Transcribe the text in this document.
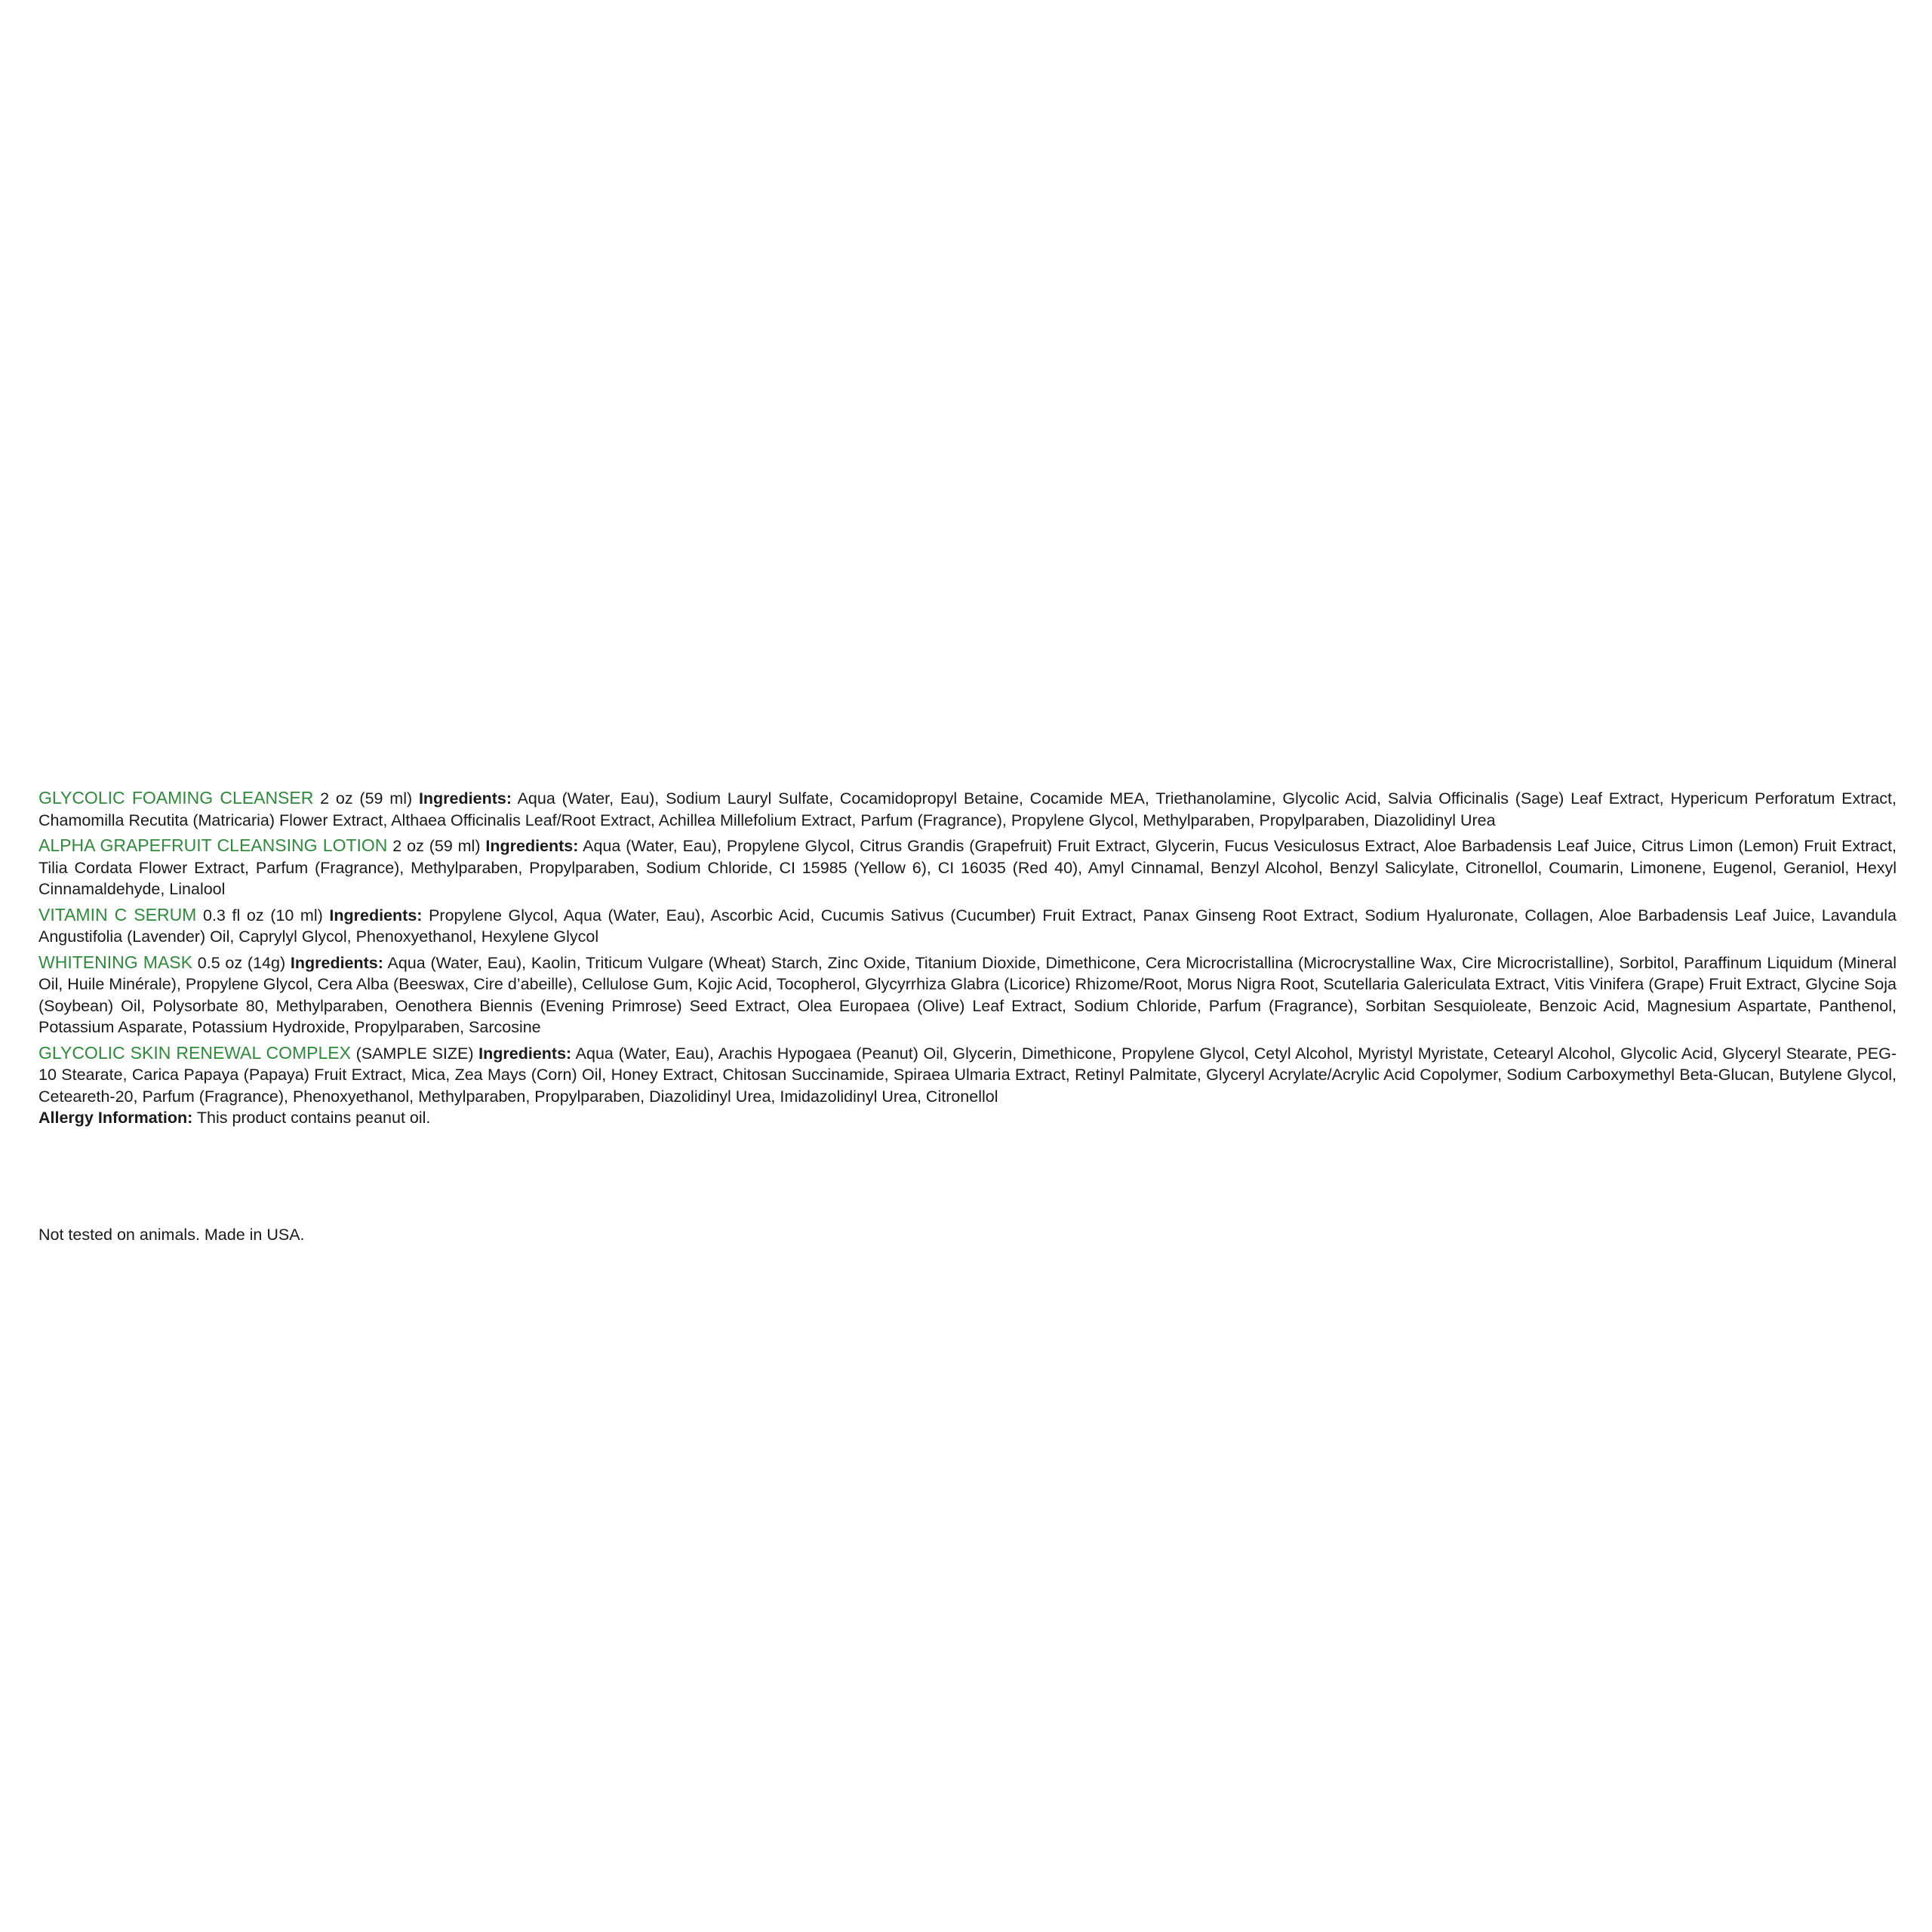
GLYCOLIC FOAMING CLEANSER 2 oz (59 ml) Ingredients: Aqua (Water, Eau), Sodium Lauryl Sulfate, Cocamidopropyl Betaine, Cocamide MEA, Triethanolamine, Glycolic Acid, Salvia Officinalis (Sage) Leaf Extract, Hypericum Perforatum Extract, Chamomilla Recutita (Matricaria) Flower Extract, Althaea Officinalis Leaf/Root Extract, Achillea Millefolium Extract, Parfum (Fragrance), Propylene Glycol, Methylparaben, Propylparaben, Diazolidinyl Urea
ALPHA GRAPEFRUIT CLEANSING LOTION 2 oz (59 ml) Ingredients: Aqua (Water, Eau), Propylene Glycol, Citrus Grandis (Grapefruit) Fruit Extract, Glycerin, Fucus Vesiculosus Extract, Aloe Barbadensis Leaf Juice, Citrus Limon (Lemon) Fruit Extract, Tilia Cordata Flower Extract, Parfum (Fragrance), Methylparaben, Propylparaben, Sodium Chloride, CI 15985 (Yellow 6), CI 16035 (Red 40), Amyl Cinnamal, Benzyl Alcohol, Benzyl Salicylate, Citronellol, Coumarin, Limonene, Eugenol, Geraniol, Hexyl Cinnamaldehyde, Linalool
VITAMIN C SERUM 0.3 fl oz (10 ml) Ingredients: Propylene Glycol, Aqua (Water, Eau), Ascorbic Acid, Cucumis Sativus (Cucumber) Fruit Extract, Panax Ginseng Root Extract, Sodium Hyaluronate, Collagen, Aloe Barbadensis Leaf Juice, Lavandula Angustifolia (Lavender) Oil, Caprylyl Glycol, Phenoxyethanol, Hexylene Glycol
WHITENING MASK 0.5 oz (14g) Ingredients: Aqua (Water, Eau), Kaolin, Triticum Vulgare (Wheat) Starch, Zinc Oxide, Titanium Dioxide, Dimethicone, Cera Microcristallina (Microcrystalline Wax, Cire Microcristalline), Sorbitol, Paraffinum Liquidum (Mineral Oil, Huile Minérale), Propylene Glycol, Cera Alba (Beeswax, Cire d’abeille), Cellulose Gum, Kojic Acid, Tocopherol, Glycyrrhiza Glabra (Licorice) Rhizome/Root, Morus Nigra Root, Scutellaria Galericulata Extract, Vitis Vinifera (Grape) Fruit Extract, Glycine Soja (Soybean) Oil, Polysorbate 80, Methylparaben, Oenothera Biennis (Evening Primrose) Seed Extract, Olea Europaea (Olive) Leaf Extract, Sodium Chloride, Parfum (Fragrance), Sorbitan Sesquioleate, Benzoic Acid, Magnesium Aspartate, Panthenol, Potassium Asparate, Potassium Hydroxide, Propylparaben, Sarcosine
GLYCOLIC SKIN RENEWAL COMPLEX (SAMPLE SIZE) Ingredients: Aqua (Water, Eau), Arachis Hypogaea (Peanut) Oil, Glycerin, Dimethicone, Propylene Glycol, Cetyl Alcohol, Myristyl Myristate, Cetearyl Alcohol, Glycolic Acid, Glyceryl Stearate, PEG-10 Stearate, Carica Papaya (Papaya) Fruit Extract, Mica, Zea Mays (Corn) Oil, Honey Extract, Chitosan Succinamide, Spiraea Ulmaria Extract, Retinyl Palmitate, Glyceryl Acrylate/Acrylic Acid Copolymer, Sodium Carboxymethyl Beta-Glucan, Butylene Glycol, Ceteareth-20, Parfum (Fragrance), Phenoxyethanol, Methylparaben, Propylparaben, Diazolidinyl Urea, Imidazolidinyl Urea, Citronellol
Allergy Information: This product contains peanut oil.
Not tested on animals. Made in USA.
